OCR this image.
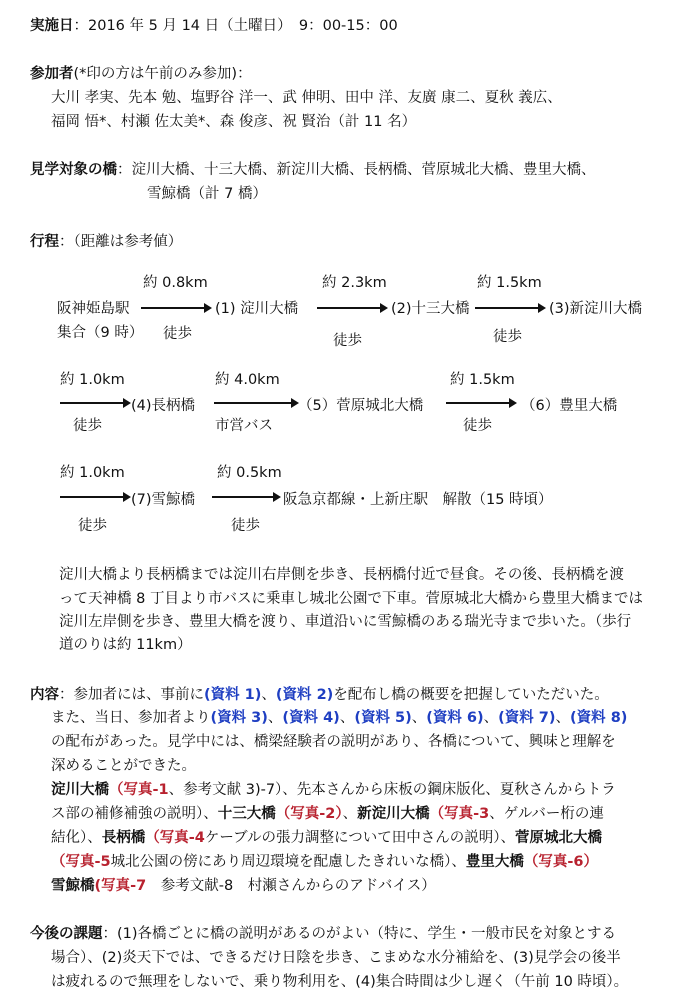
実施日：2016 年 5 月 14 日（土曜日）　9：00-15：00
参加者(*印の方は午前のみ参加)：
大川 孝実、先本 勉、塩野谷 洋一、武 伸明、田中 洋、友廣 康二、夏秋 義広、
福岡 悟*、村瀬 佐太美*、森 俊彦、祝 賢治（計 11 名）
見学対象の橋：淀川大橋、十三大橋、新淀川大橋、長柄橋、菅原城北大橋、豊里大橋、
雪鯨橋（計 7 橋）
行程：（距離は参考値）
阪神姫島駅
集合（9 時）
約 0.8km
徒歩
(1) 淀川大橋
約 2.3km
徒歩
(2)十三大橋
約 1.5km
徒歩
(3)新淀川大橋
約 1.0km
徒歩
(4)長柄橋
約 4.0km
市営バス
（5）菅原城北大橋
約 1.5km
徒歩
（6）豊里大橋
約 1.0km
徒歩
(7)雪鯨橋
約 0.5km
徒歩
阪急京都線・上新庄駅　解散（15 時頃）
淀川大橋より長柄橋までは淀川右岸側を歩き、長柄橋付近で昼食。その後、長柄橋を渡
って天神橋 8 丁目より市バスに乗車し城北公園で下車。菅原城北大橋から豊里大橋までは
淀川左岸側を歩き、豊里大橋を渡り、車道沿いに雪鯨橋のある瑞光寺まで歩いた。（歩行
道のりは約 11km）
内容：参加者には、事前に(資料 1)、(資料 2)を配布し橋の概要を把握していただいた。
また、当日、参加者より(資料 3)、(資料 4)、(資料 5)、(資料 6)、(資料 7)、(資料 8)
の配布があった。見学中には、橋梁経験者の説明があり、各橋について、興味と理解を
深めることができた。
淀川大橋（写真-1、参考文献 3)-7）、先本さんから床板の鋼床版化、夏秋さんからトラ
ス部の補修補強の説明）、十三大橋（写真-2）、新淀川大橋（写真-3、ゲルバー桁の連
結化）、長柄橋（写真-4ケーブルの張力調整について田中さんの説明）、菅原城北大橋
（写真-5城北公園の傍にあり周辺環境を配慮したきれいな橋）、豊里大橋（写真-6）
雪鯨橋(写真-7　参考文献-8　村瀬さんからのアドバイス）
今後の課題：(1)各橋ごとに橋の説明があるのがよい（特に、学生・一般市民を対象とする
場合）、(2)炎天下では、できるだけ日陰を歩き、こまめな水分補給を、(3)見学会の後半
は疲れるので無理をしないで、乗り物利用を、(4)集合時間は少し遅く（午前 10 時頃）。
